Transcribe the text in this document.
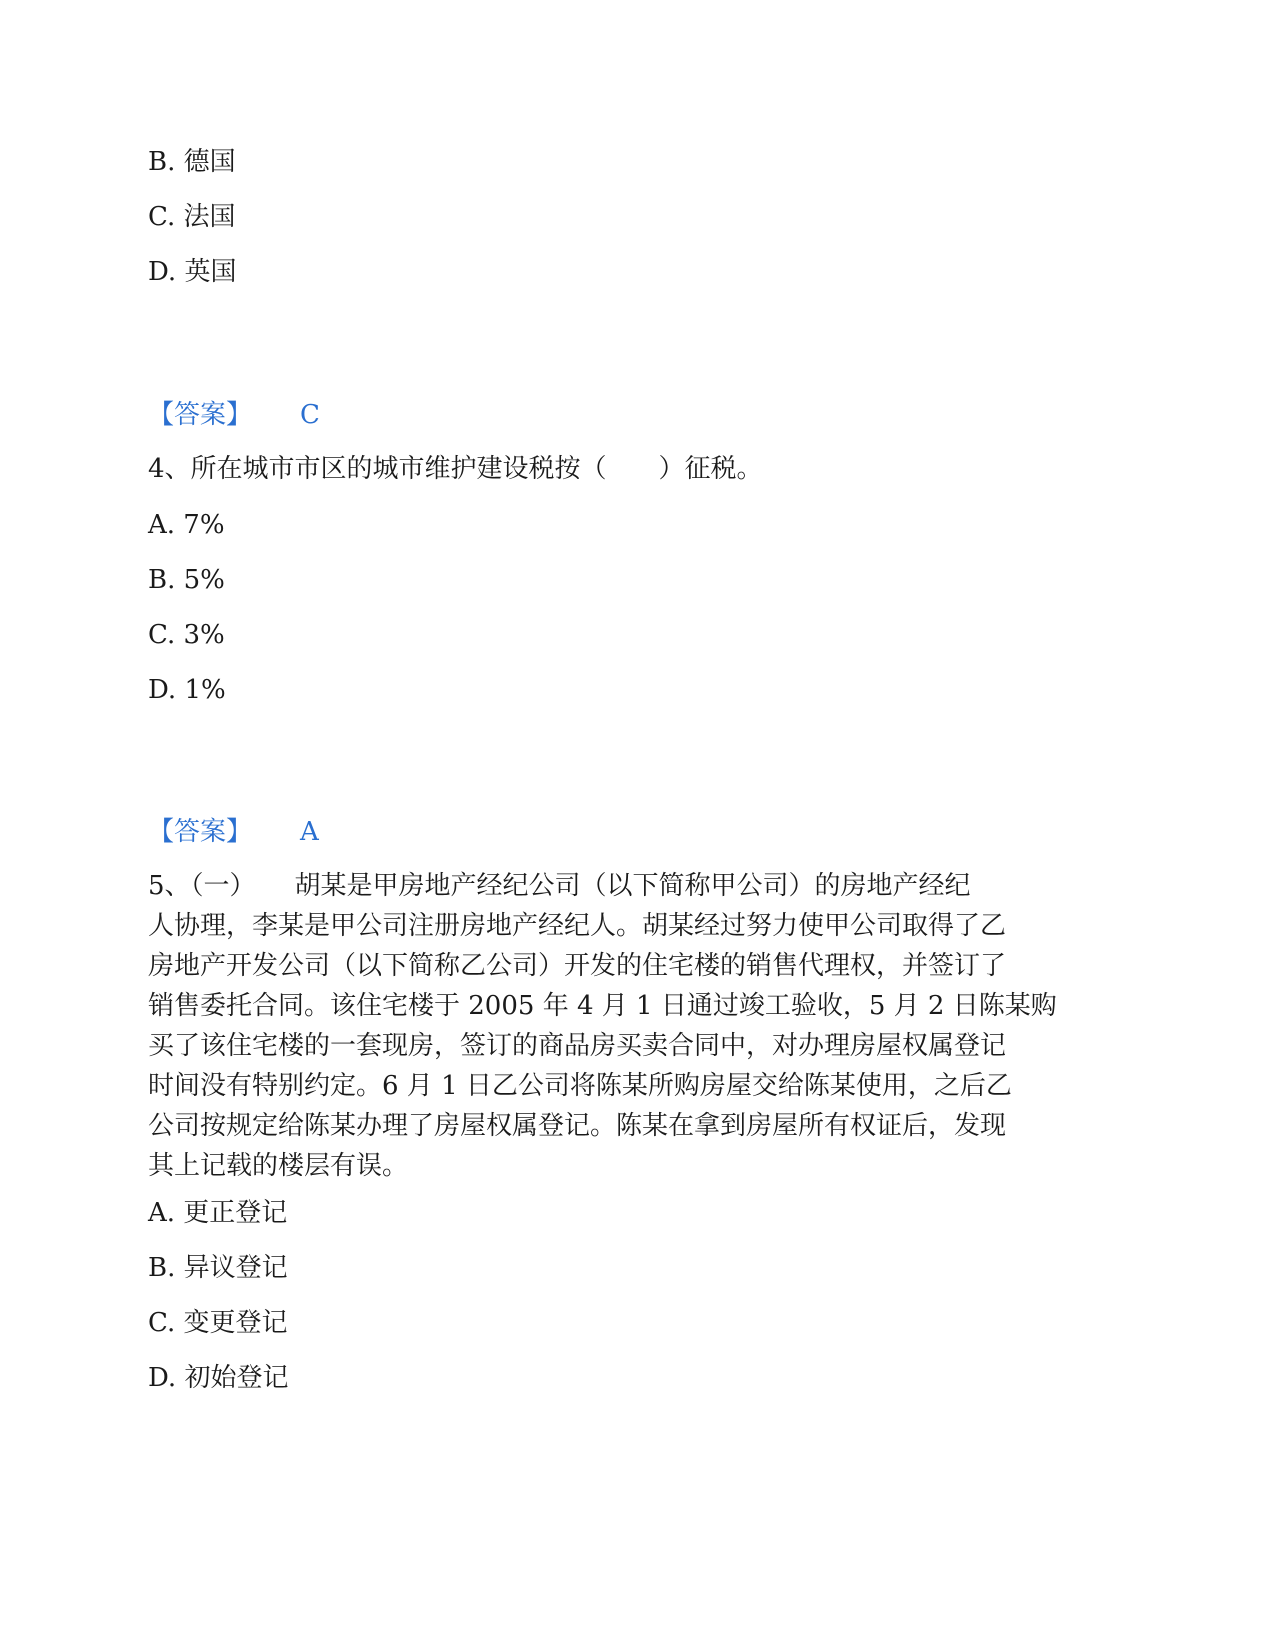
B. 德国
C. 法国
D. 英国
【答案】 C
4、所在城市市区的城市维护建设税按（　　）征税。
A. 7%
B. 5%
C. 3%
D. 1%
【答案】 A
5、（一）　　胡某是甲房地产经纪公司（以下简称甲公司）的房地产经纪
人协理，李某是甲公司注册房地产经纪人。胡某经过努力使甲公司取得了乙
房地产开发公司（以下简称乙公司）开发的住宅楼的销售代理权，并签订了
销售委托合同。该住宅楼于 2005 年 4 月 1 日通过竣工验收，5 月 2 日陈某购
买了该住宅楼的一套现房，签订的商品房买卖合同中，对办理房屋权属登记
时间没有特别约定。6 月 1 日乙公司将陈某所购房屋交给陈某使用，之后乙
公司按规定给陈某办理了房屋权属登记。陈某在拿到房屋所有权证后，发现
其上记载的楼层有误。
A. 更正登记
B. 异议登记
C. 变更登记
D. 初始登记
